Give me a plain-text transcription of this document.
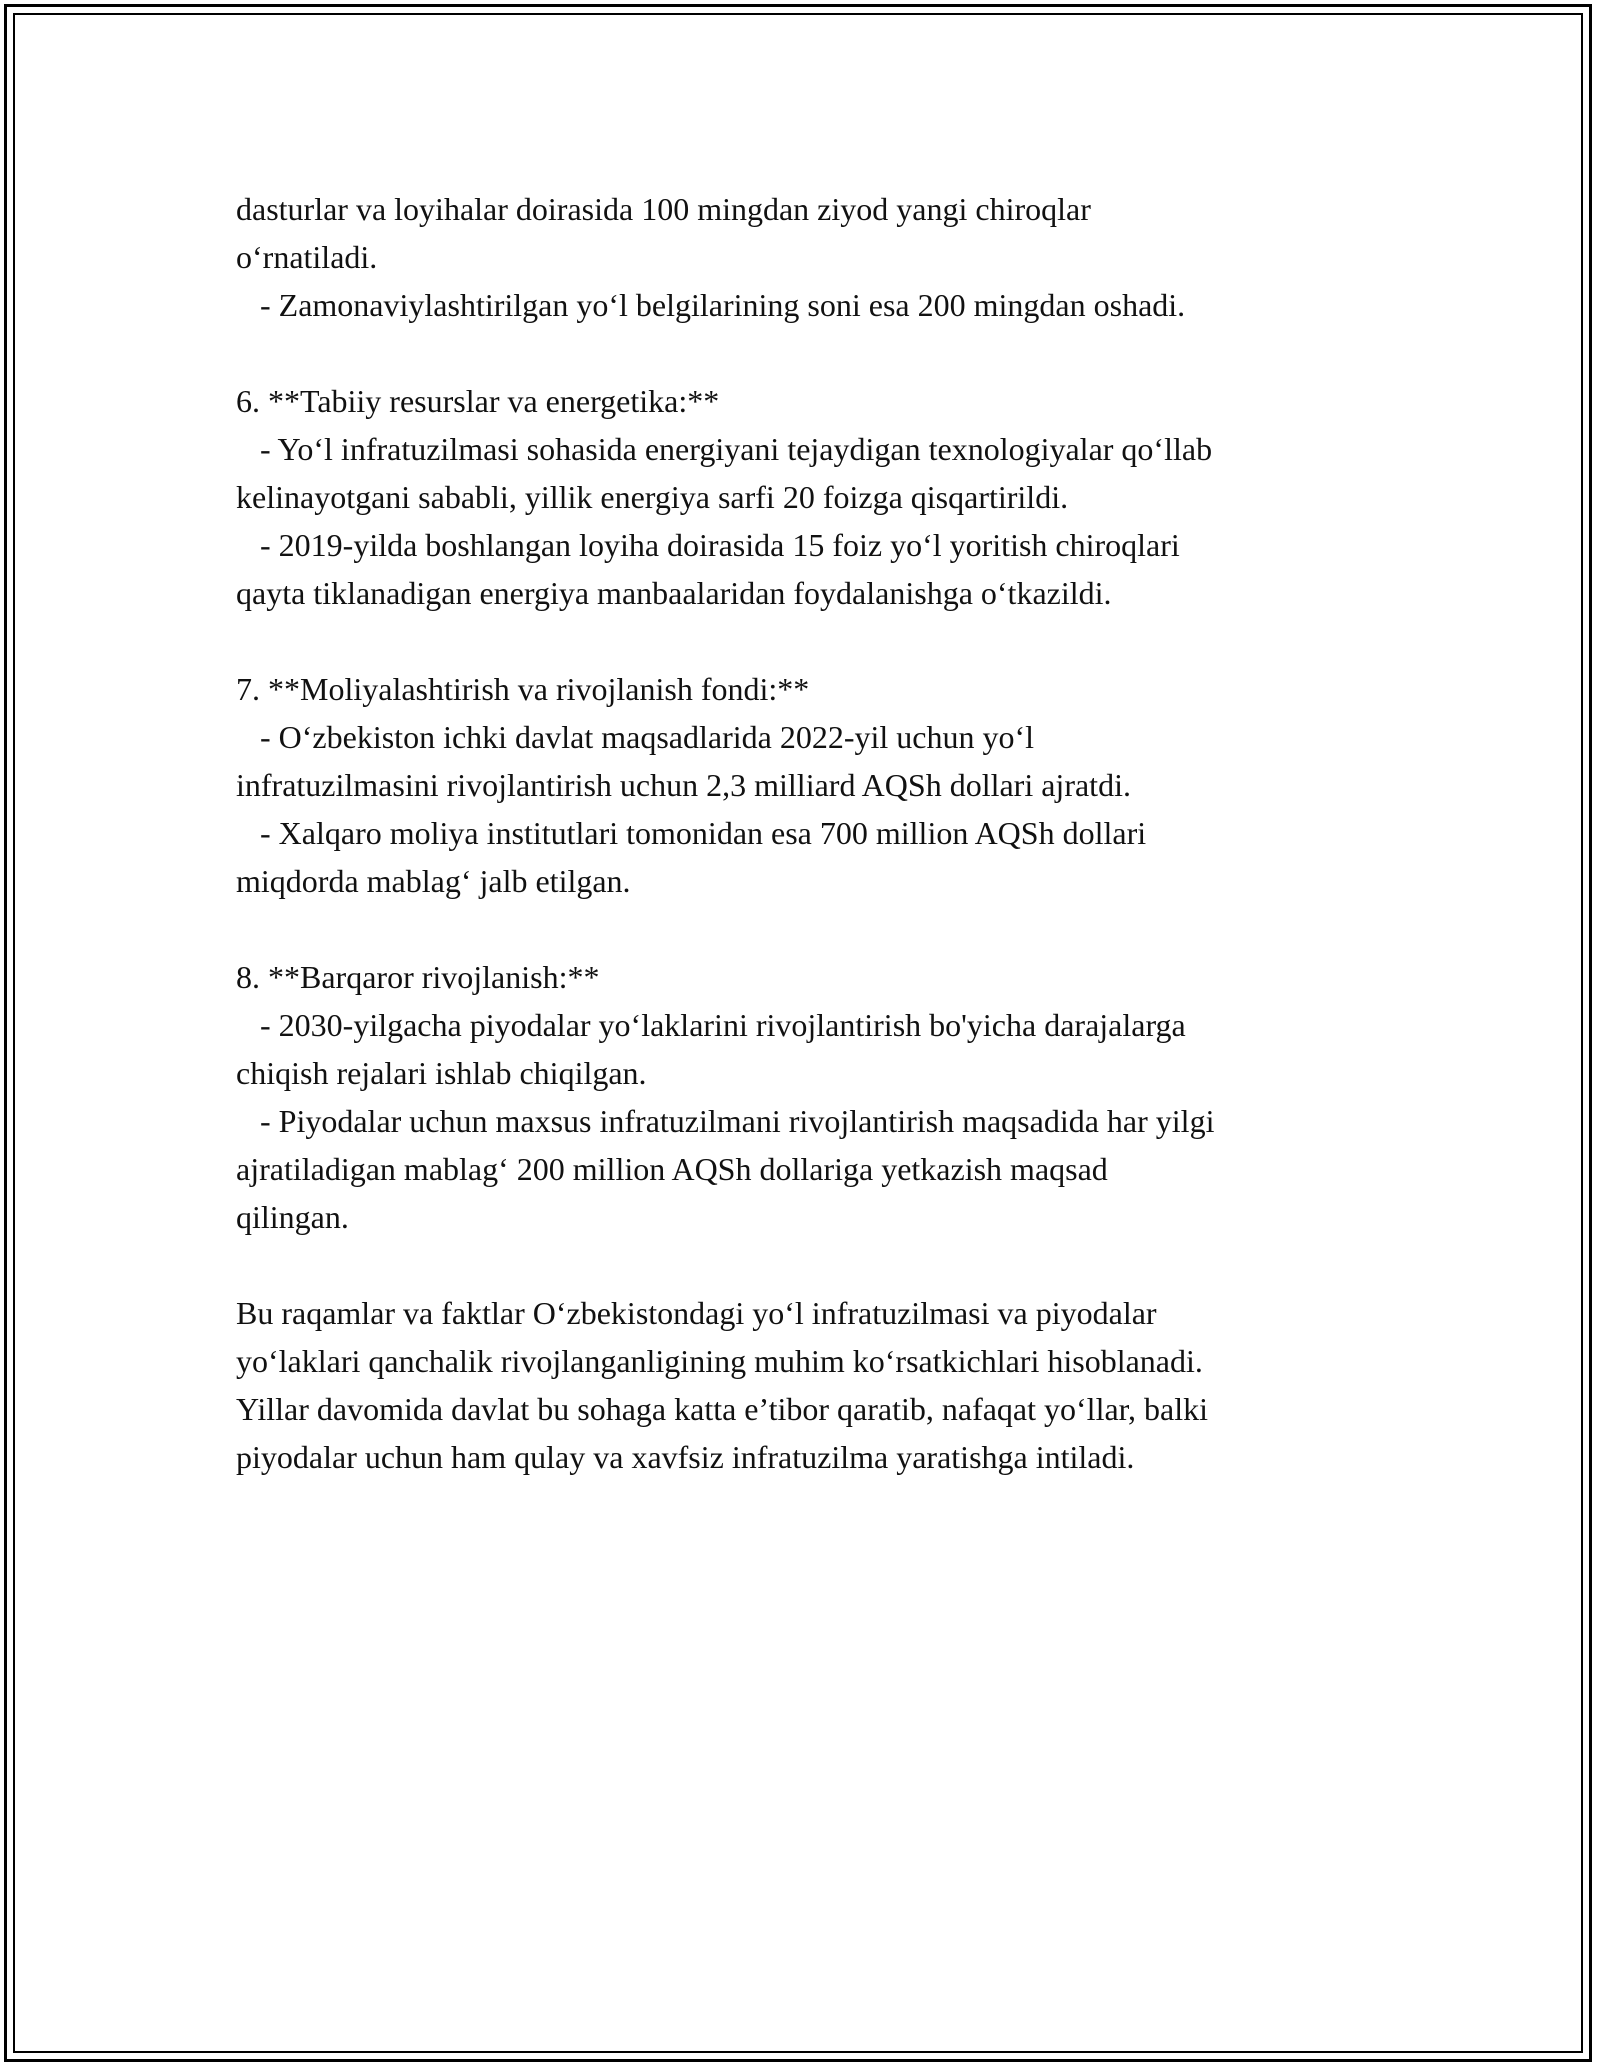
dasturlar va loyihalar doirasida 100 mingdan ziyod yangi chiroqlar
o‘rnatiladi.
- Zamonaviylashtirilgan yo‘l belgilarining soni esa 200 mingdan oshadi.
6. **Tabiiy resurslar va energetika:**
- Yo‘l infratuzilmasi sohasida energiyani tejaydigan texnologiyalar qo‘llab
kelinayotgani sababli, yillik energiya sarfi 20 foizga qisqartirildi.
- 2019-yilda boshlangan loyiha doirasida 15 foiz yo‘l yoritish chiroqlari
qayta tiklanadigan energiya manbaalaridan foydalanishga o‘tkazildi.
7. **Moliyalashtirish va rivojlanish fondi:**
- O‘zbekiston ichki davlat maqsadlarida 2022-yil uchun yo‘l
infratuzilmasini rivojlantirish uchun 2,3 milliard AQSh dollari ajratdi.
- Xalqaro moliya institutlari tomonidan esa 700 million AQSh dollari
miqdorda mablag‘ jalb etilgan.
8. **Barqaror rivojlanish:**
- 2030-yilgacha piyodalar yo‘laklarini rivojlantirish bo'yicha darajalarga
chiqish rejalari ishlab chiqilgan.
- Piyodalar uchun maxsus infratuzilmani rivojlantirish maqsadida har yilgi
ajratiladigan mablag‘ 200 million AQSh dollariga yetkazish maqsad
qilingan.
Bu raqamlar va faktlar O‘zbekistondagi yo‘l infratuzilmasi va piyodalar
yo‘laklari qanchalik rivojlanganligining muhim ko‘rsatkichlari hisoblanadi.
Yillar davomida davlat bu sohaga katta e’tibor qaratib, nafaqat yo‘llar, balki
piyodalar uchun ham qulay va xavfsiz infratuzilma yaratishga intiladi.
